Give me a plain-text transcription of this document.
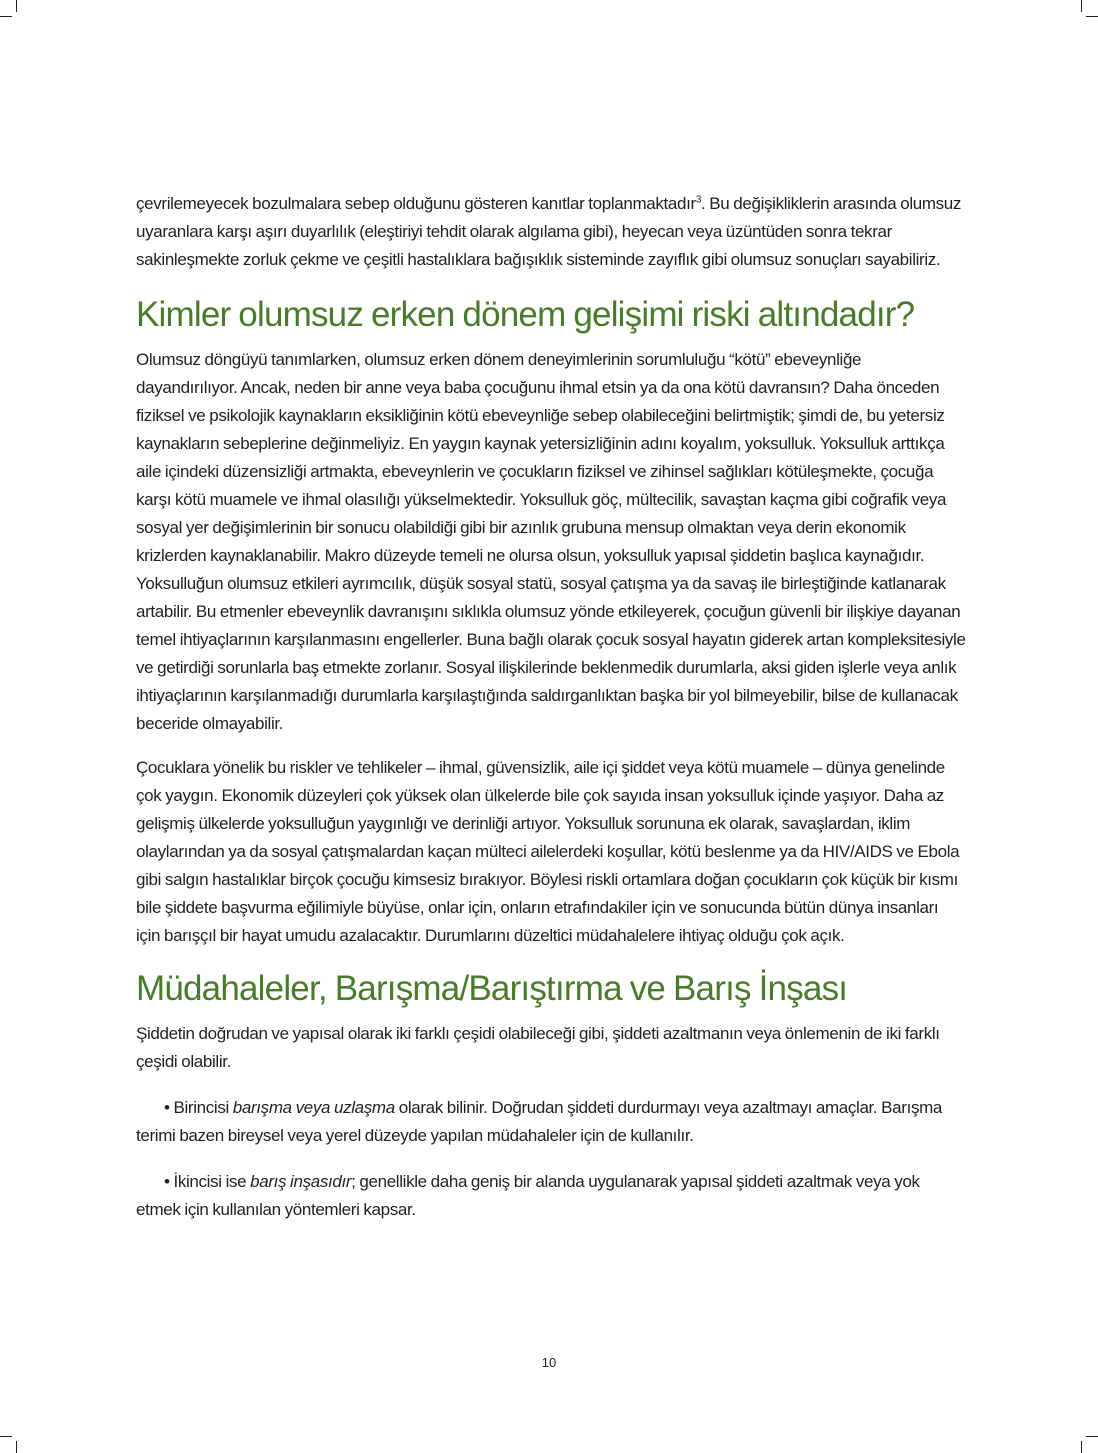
çevrilemeyecek bozulmalara sebep olduğunu gösteren kanıtlar toplanmaktadır$^3$. Bu değişikliklerin arasında olumsuz uyaranlara karşı aşırı duyarlılık (eleştiriyi tehdit olarak algılama gibi), heyecan veya üzüntüden sonra tekrar sakinleşmekte zorluk çekme ve çeşitli hastalıklara bağışıklık sisteminde zayıflık gibi olumsuz sonuçları sayabiliriz.

Kimler olumsuz erken dönem gelişimi riski altındadır?

Olumsuz döngüyü tanımlarken, olumsuz erken dönem deneyimlerinin sorumluluğu “kötü” ebeveynliğe dayandırılıyor. Ancak, neden bir anne veya baba çocuğunu ihmal etsin ya da ona kötü davransın? Daha önceden fiziksel ve psikolojik kaynakların eksikliğinin kötü ebeveynliğe sebep olabileceğini belirtmiştik; şimdi de, bu yetersiz kaynakların sebeplerine değinmeliyiz. En yaygın kaynak yetersizliğinin adını koyalım, yoksulluk. Yoksulluk arttıkça aile içindeki düzensizliği artmakta, ebeveynlerin ve çocukların fiziksel ve zihinsel sağlıkları kötüleşmekte, çocuğa karşı kötü muamele ve ihmal olasılığı yükselmektedir. Yoksulluk göç, mültecilik, savaştan kaçma gibi coğrafik veya sosyal yer değişimlerinin bir sonucu olabildiği gibi bir azınlık grubuna mensup olmaktan veya derin ekonomik krizlerden kaynaklanabilir. Makro düzeyde temeli ne olursa olsun, yoksulluk yapısal şiddetin başlıca kaynağıdır. Yoksulluğun olumsuz etkileri ayrımcılık, düşük sosyal statü, sosyal çatışma ya da savaş ile birleştiğinde katlanarak artabilir. Bu etmenler ebeveynlik davranışını sıklıkla olumsuz yönde etkileyerek, çocuğun güvenli bir ilişkiye dayanan temel ihtiyaçlarının karşılanmasını engellerler. Buna bağlı olarak çocuk sosyal hayatın giderek artan kompleksitesiyle ve getirdiği sorunlarla baş etmekte zorlanır. Sosyal ilişkilerinde beklenmedik durumlarla, aksi giden işlerle veya anlık ihtiyaçlarının karşılanmadığı durumlarla karşılaştığında saldırganlıktan başka bir yol bilmeyebilir, bilse de kullanacak beceride olmayabilir.

Çocuklara yönelik bu riskler ve tehlikeler – ihmal, güvensizlik, aile içi şiddet veya kötü muamele – dünya genelinde çok yaygın. Ekonomik düzeyleri çok yüksek olan ülkelerde bile çok sayıda insan yoksulluk içinde yaşıyor. Daha az gelişmiş ülkelerde yoksulluğun yaygınlığı ve derinliği artıyor. Yoksulluk sorununa ek olarak, savaşlardan, iklim olaylarından ya da sosyal çatışmalardan kaçan mülteci ailelerdeki koşullar, kötü beslenme ya da HIV/AIDS ve Ebola gibi salgın hastalıklar birçok çocuğu kimsesiz bırakıyor. Böylesi riskli ortamlara doğan çocukların çok küçük bir kısmı bile şiddete başvurma eğilimiyle büyüse, onlar için, onların etrafındakiler için ve sonucunda bütün dünya insanları için barışçıl bir hayat umudu azalacaktır. Durumlarını düzeltici müdahalelere ihtiyaç olduğu çok açık.

Müdahaleler, Barışma/Barıştırma ve Barış İnşası

Şiddetin doğrudan ve yapısal olarak iki farklı çeşidi olabileceği gibi, şiddeti azaltmanın veya önlemenin de iki farklı çeşidi olabilir.

• Birincisi barışma veya uzlaşma olarak bilinir. Doğrudan şiddeti durdurmayı veya azaltmayı amaçlar. Barışma terimi bazen bireysel veya yerel düzeyde yapılan müdahaleler için de kullanılır.

• İkincisi ise barış inşasıdır; genellikle daha geniş bir alanda uygulanarak yapısal şiddeti azaltmak veya yok etmek için kullanılan yöntemleri kapsar.

10
